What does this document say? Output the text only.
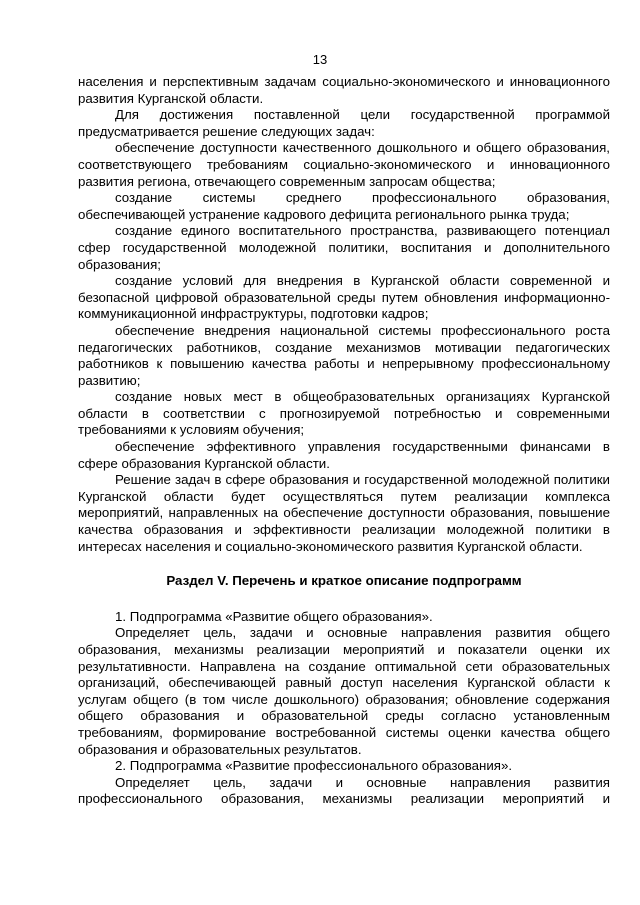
13

населения и перспективным задачам социально-экономического и инновационного развития Курганской области.

Для достижения поставленной цели государственной программой предусматривается решение следующих задач:

обеспечение доступности качественного дошкольного и общего образования, соответствующего требованиям социально-экономического и инновационного развития региона, отвечающего современным запросам общества;

создание системы среднего профессионального образования, обеспечивающей устранение кадрового дефицита регионального рынка труда;

создание единого воспитательного пространства, развивающего потенциал сфер государственной молодежной политики, воспитания и дополнительного образования;

создание условий для внедрения в Курганской области современной и безопасной цифровой образовательной среды путем обновления информационно-коммуникационной инфраструктуры, подготовки кадров;

обеспечение внедрения национальной системы профессионального роста педагогических работников, создание механизмов мотивации педагогических работников к повышению качества работы и непрерывному профессиональному развитию;

создание новых мест в общеобразовательных организациях Курганской области в соответствии с прогнозируемой потребностью и современными требованиями к условиям обучения;

обеспечение эффективного управления государственными финансами в сфере образования Курганской области.

Решение задач в сфере образования и государственной молодежной политики Курганской области будет осуществляться путем реализации комплекса мероприятий, направленных на обеспечение доступности образования, повышение качества образования и эффективности реализации молодежной политики в интересах населения и социально-экономического развития Курганской области.

Раздел V. Перечень и краткое описание подпрограмм

1. Подпрограмма «Развитие общего образования».

Определяет цель, задачи и основные направления развития общего образования, механизмы реализации мероприятий и показатели оценки их результативности. Направлена на создание оптимальной сети образовательных организаций, обеспечивающей равный доступ населения Курганской области к услугам общего (в том числе дошкольного) образования; обновление содержания общего образования и образовательной среды согласно установленным требованиям, формирование востребованной системы оценки качества общего образования и образовательных результатов.

2. Подпрограмма «Развитие профессионального образования».

Определяет цель, задачи и основные направления развития профессионального образования, механизмы реализации мероприятий и
